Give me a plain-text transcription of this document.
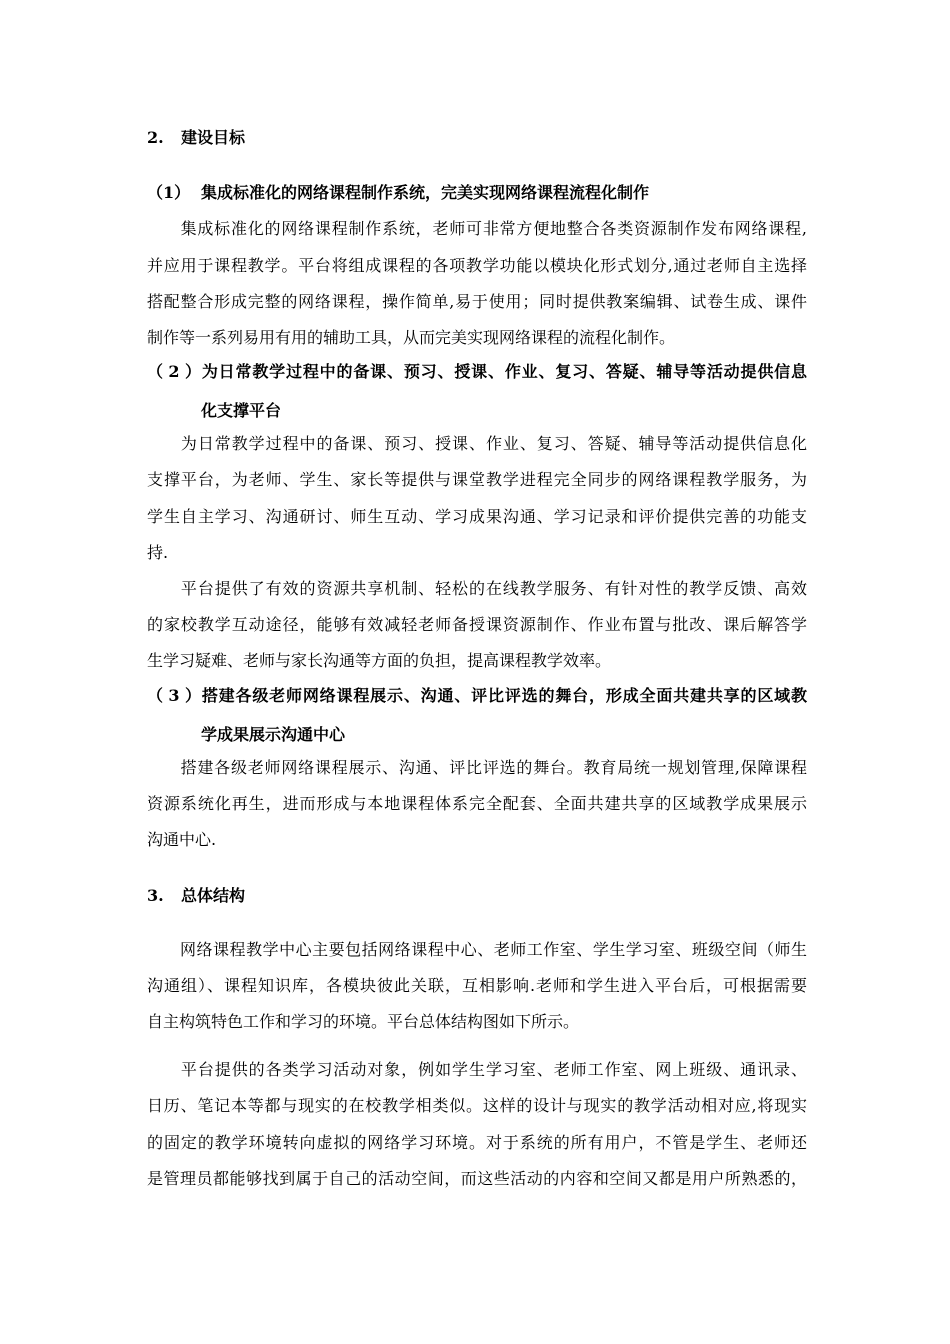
2. 建设目标

（1） 集成标准化的网络课程制作系统，完美实现网络课程流程化制作

　　集成标准化的网络课程制作系统，老师可非常方便地整合各类资源制作发布网络课程,

并应用于课程教学。平台将组成课程的各项教学功能以模块化形式划分,通过老师自主选择

搭配整合形成完整的网络课程，操作简单,易于使用；同时提供教案编辑、试卷生成、课件

制作等一系列易用有用的辅助工具，从而完美实现网络课程的流程化制作。

（2）为日常教学过程中的备课、预习、授课、作业、复习、答疑、辅导等活动提供信息

化支撑平台

　　为日常教学过程中的备课、预习、授课、作业、复习、答疑、辅导等活动提供信息化

支撑平台，为老师、学生、家长等提供与课堂教学进程完全同步的网络课程教学服务，为

学生自主学习、沟通研讨、师生互动、学习成果沟通、学习记录和评价提供完善的功能支

持.

　　平台提供了有效的资源共享机制、轻松的在线教学服务、有针对性的教学反馈、高效

的家校教学互动途径，能够有效减轻老师备授课资源制作、作业布置与批改、课后解答学

生学习疑难、老师与家长沟通等方面的负担，提高课程教学效率。

（3）搭建各级老师网络课程展示、沟通、评比评选的舞台，形成全面共建共享的区域教

学成果展示沟通中心

　　搭建各级老师网络课程展示、沟通、评比评选的舞台。教育局统一规划管理,保障课程

资源系统化再生，进而形成与本地课程体系完全配套、全面共建共享的区域教学成果展示

沟通中心.

3. 总体结构

　　网络课程教学中心主要包括网络课程中心、老师工作室、学生学习室、班级空间（师生

沟通组）、课程知识库，各模块彼此关联，互相影响.老师和学生进入平台后，可根据需要

自主构筑特色工作和学习的环境。平台总体结构图如下所示。

　　平台提供的各类学习活动对象，例如学生学习室、老师工作室、网上班级、通讯录、

日历、笔记本等都与现实的在校教学相类似。这样的设计与现实的教学活动相对应,将现实

的固定的教学环境转向虚拟的网络学习环境。对于系统的所有用户，不管是学生、老师还

是管理员都能够找到属于自己的活动空间，而这些活动的内容和空间又都是用户所熟悉的，
